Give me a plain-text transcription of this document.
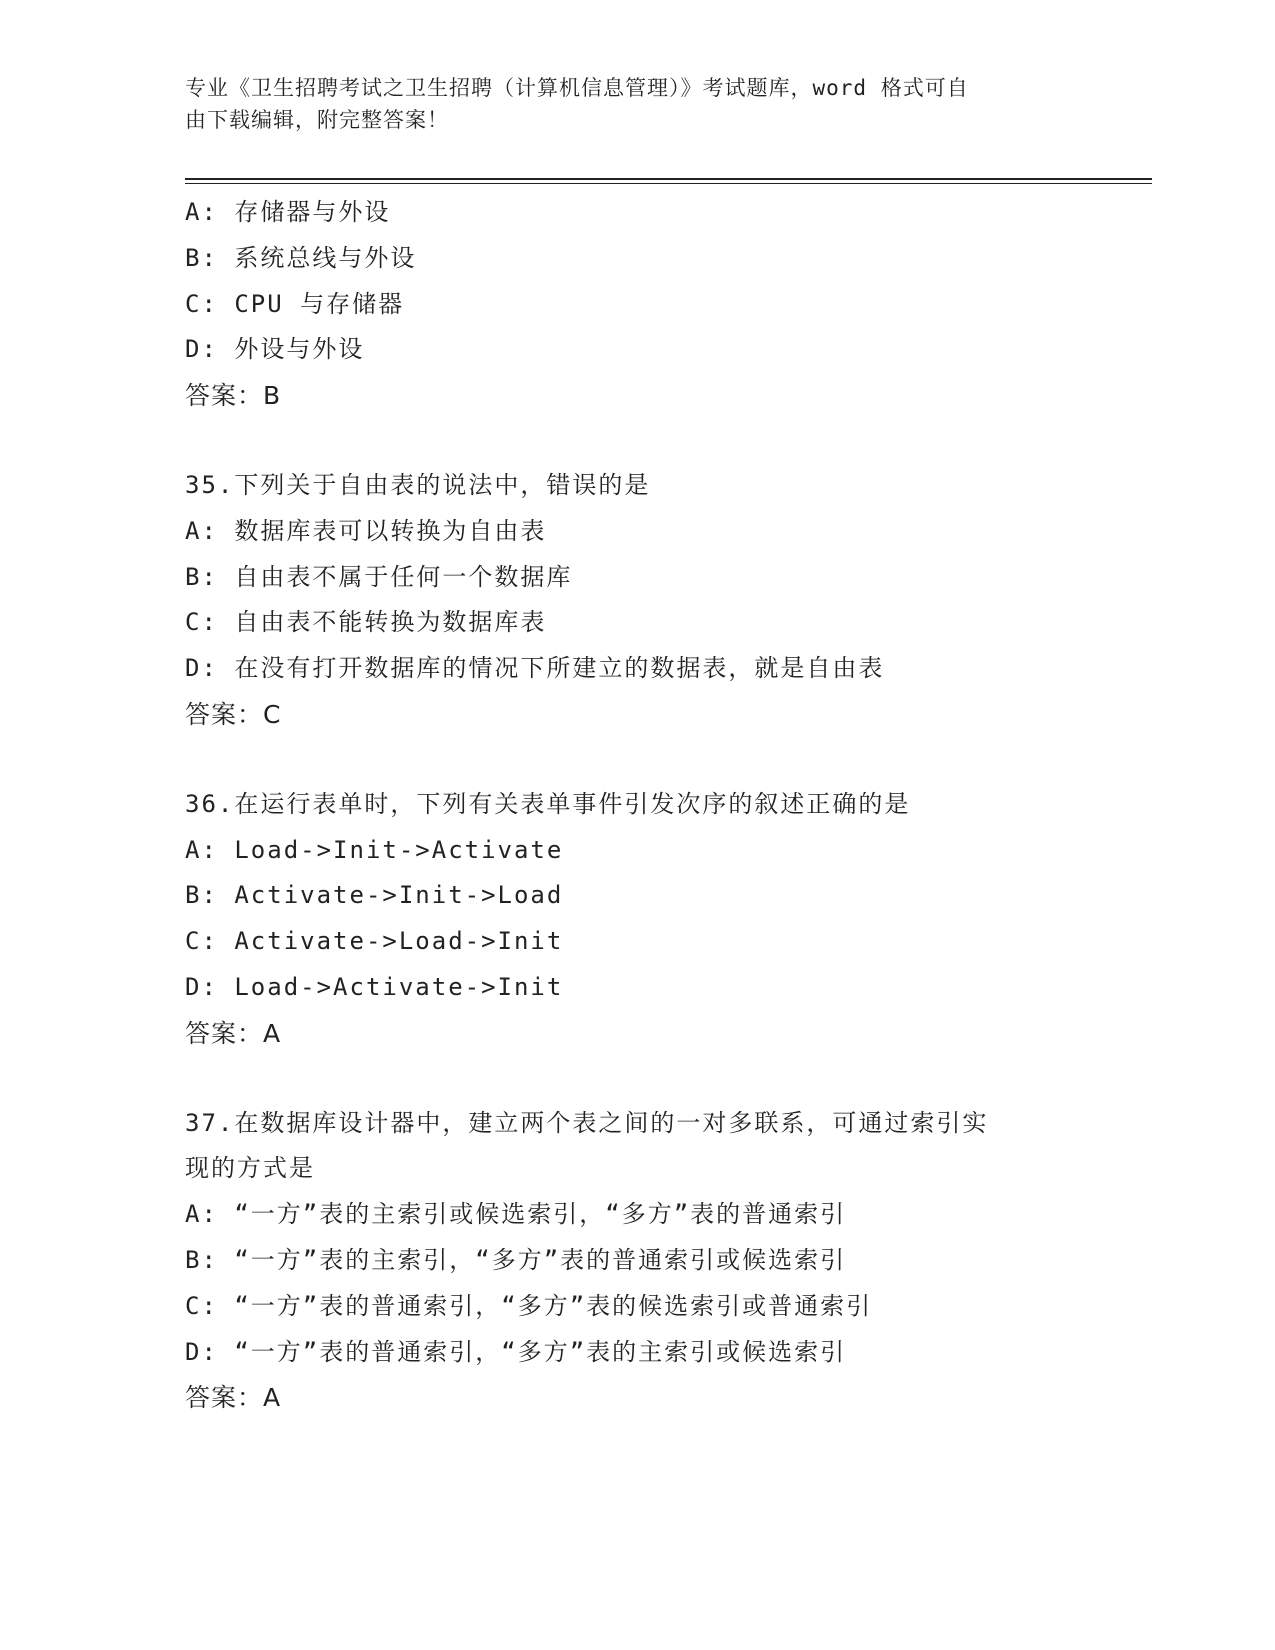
专业《卫生招聘考试之卫生招聘（计算机信息管理）》考试题库，word 格式可自
由下载编辑，附完整答案！
A: 存储器与外设
B: 系统总线与外设
C: CPU 与存储器
D: 外设与外设
答案：B
35.下列关于自由表的说法中，错误的是
A: 数据库表可以转换为自由表
B: 自由表不属于任何一个数据库
C: 自由表不能转换为数据库表
D: 在没有打开数据库的情况下所建立的数据表，就是自由表
答案：C
36.在运行表单时，下列有关表单事件引发次序的叙述正确的是
A: Load->Init->Activate
B: Activate->Init->Load
C: Activate->Load->Init
D: Load->Activate->Init
答案：A
37.在数据库设计器中，建立两个表之间的一对多联系，可通过索引实
现的方式是
A: “一方”表的主索引或候选索引，“多方”表的普通索引
B: “一方”表的主索引，“多方”表的普通索引或候选索引
C: “一方”表的普通索引，“多方”表的候选索引或普通索引
D: “一方”表的普通索引，“多方”表的主索引或候选索引
答案：A
